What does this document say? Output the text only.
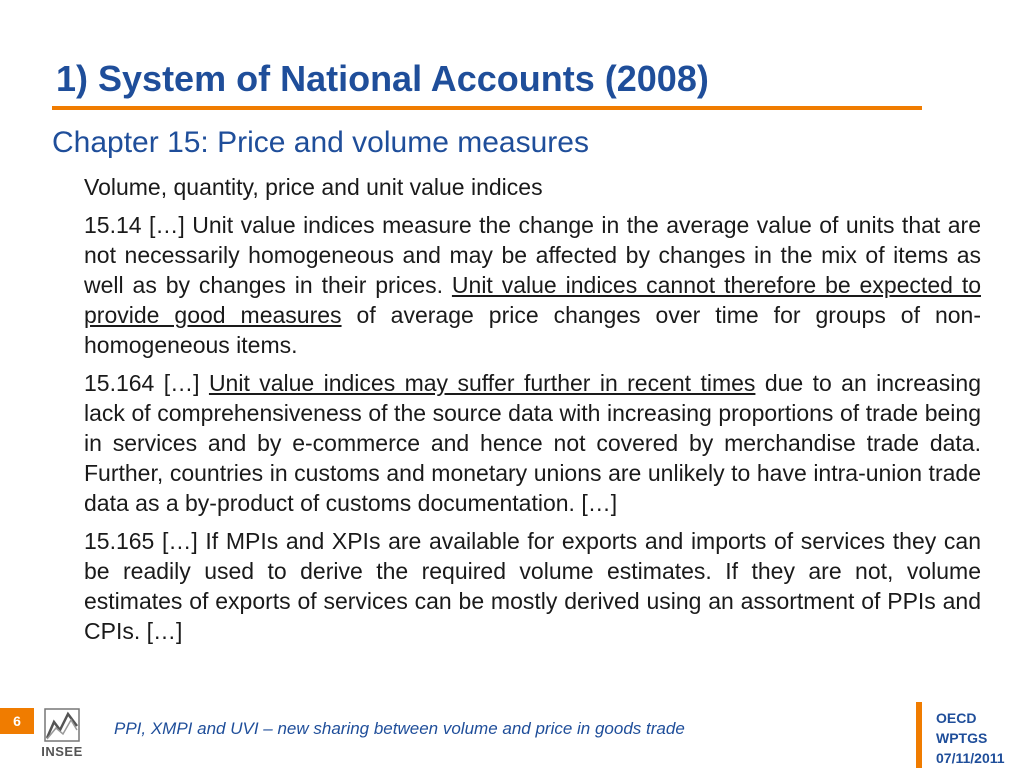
1) System of National Accounts (2008)
Chapter 15: Price and volume measures

Volume, quantity, price and unit value indices

15.14 […] Unit value indices measure the change in the average value of units that are not necessarily homogeneous and may be affected by changes in the mix of items as well as by changes in their prices. Unit value indices cannot therefore be expected to provide good measures of average price changes over time for groups of non-homogeneous items.

15.164 […] Unit value indices may suffer further in recent times due to an increasing lack of comprehensiveness of the source data with increasing proportions of trade being in services and by e-commerce and hence not covered by merchandise trade data. Further, countries in customs and monetary unions are unlikely to have intra-union trade data as a by-product of customs documentation. […]

15.165 […] If MPIs and XPIs are available for exports and imports of services they can be readily used to derive the required volume estimates. If they are not, volume estimates of exports of services can be mostly derived using an assortment of PPIs and CPIs. […]

6
INSEE
PPI, XMPI and UVI – new sharing between volume and price in goods trade
OECD
WPTGS
07/11/2011
